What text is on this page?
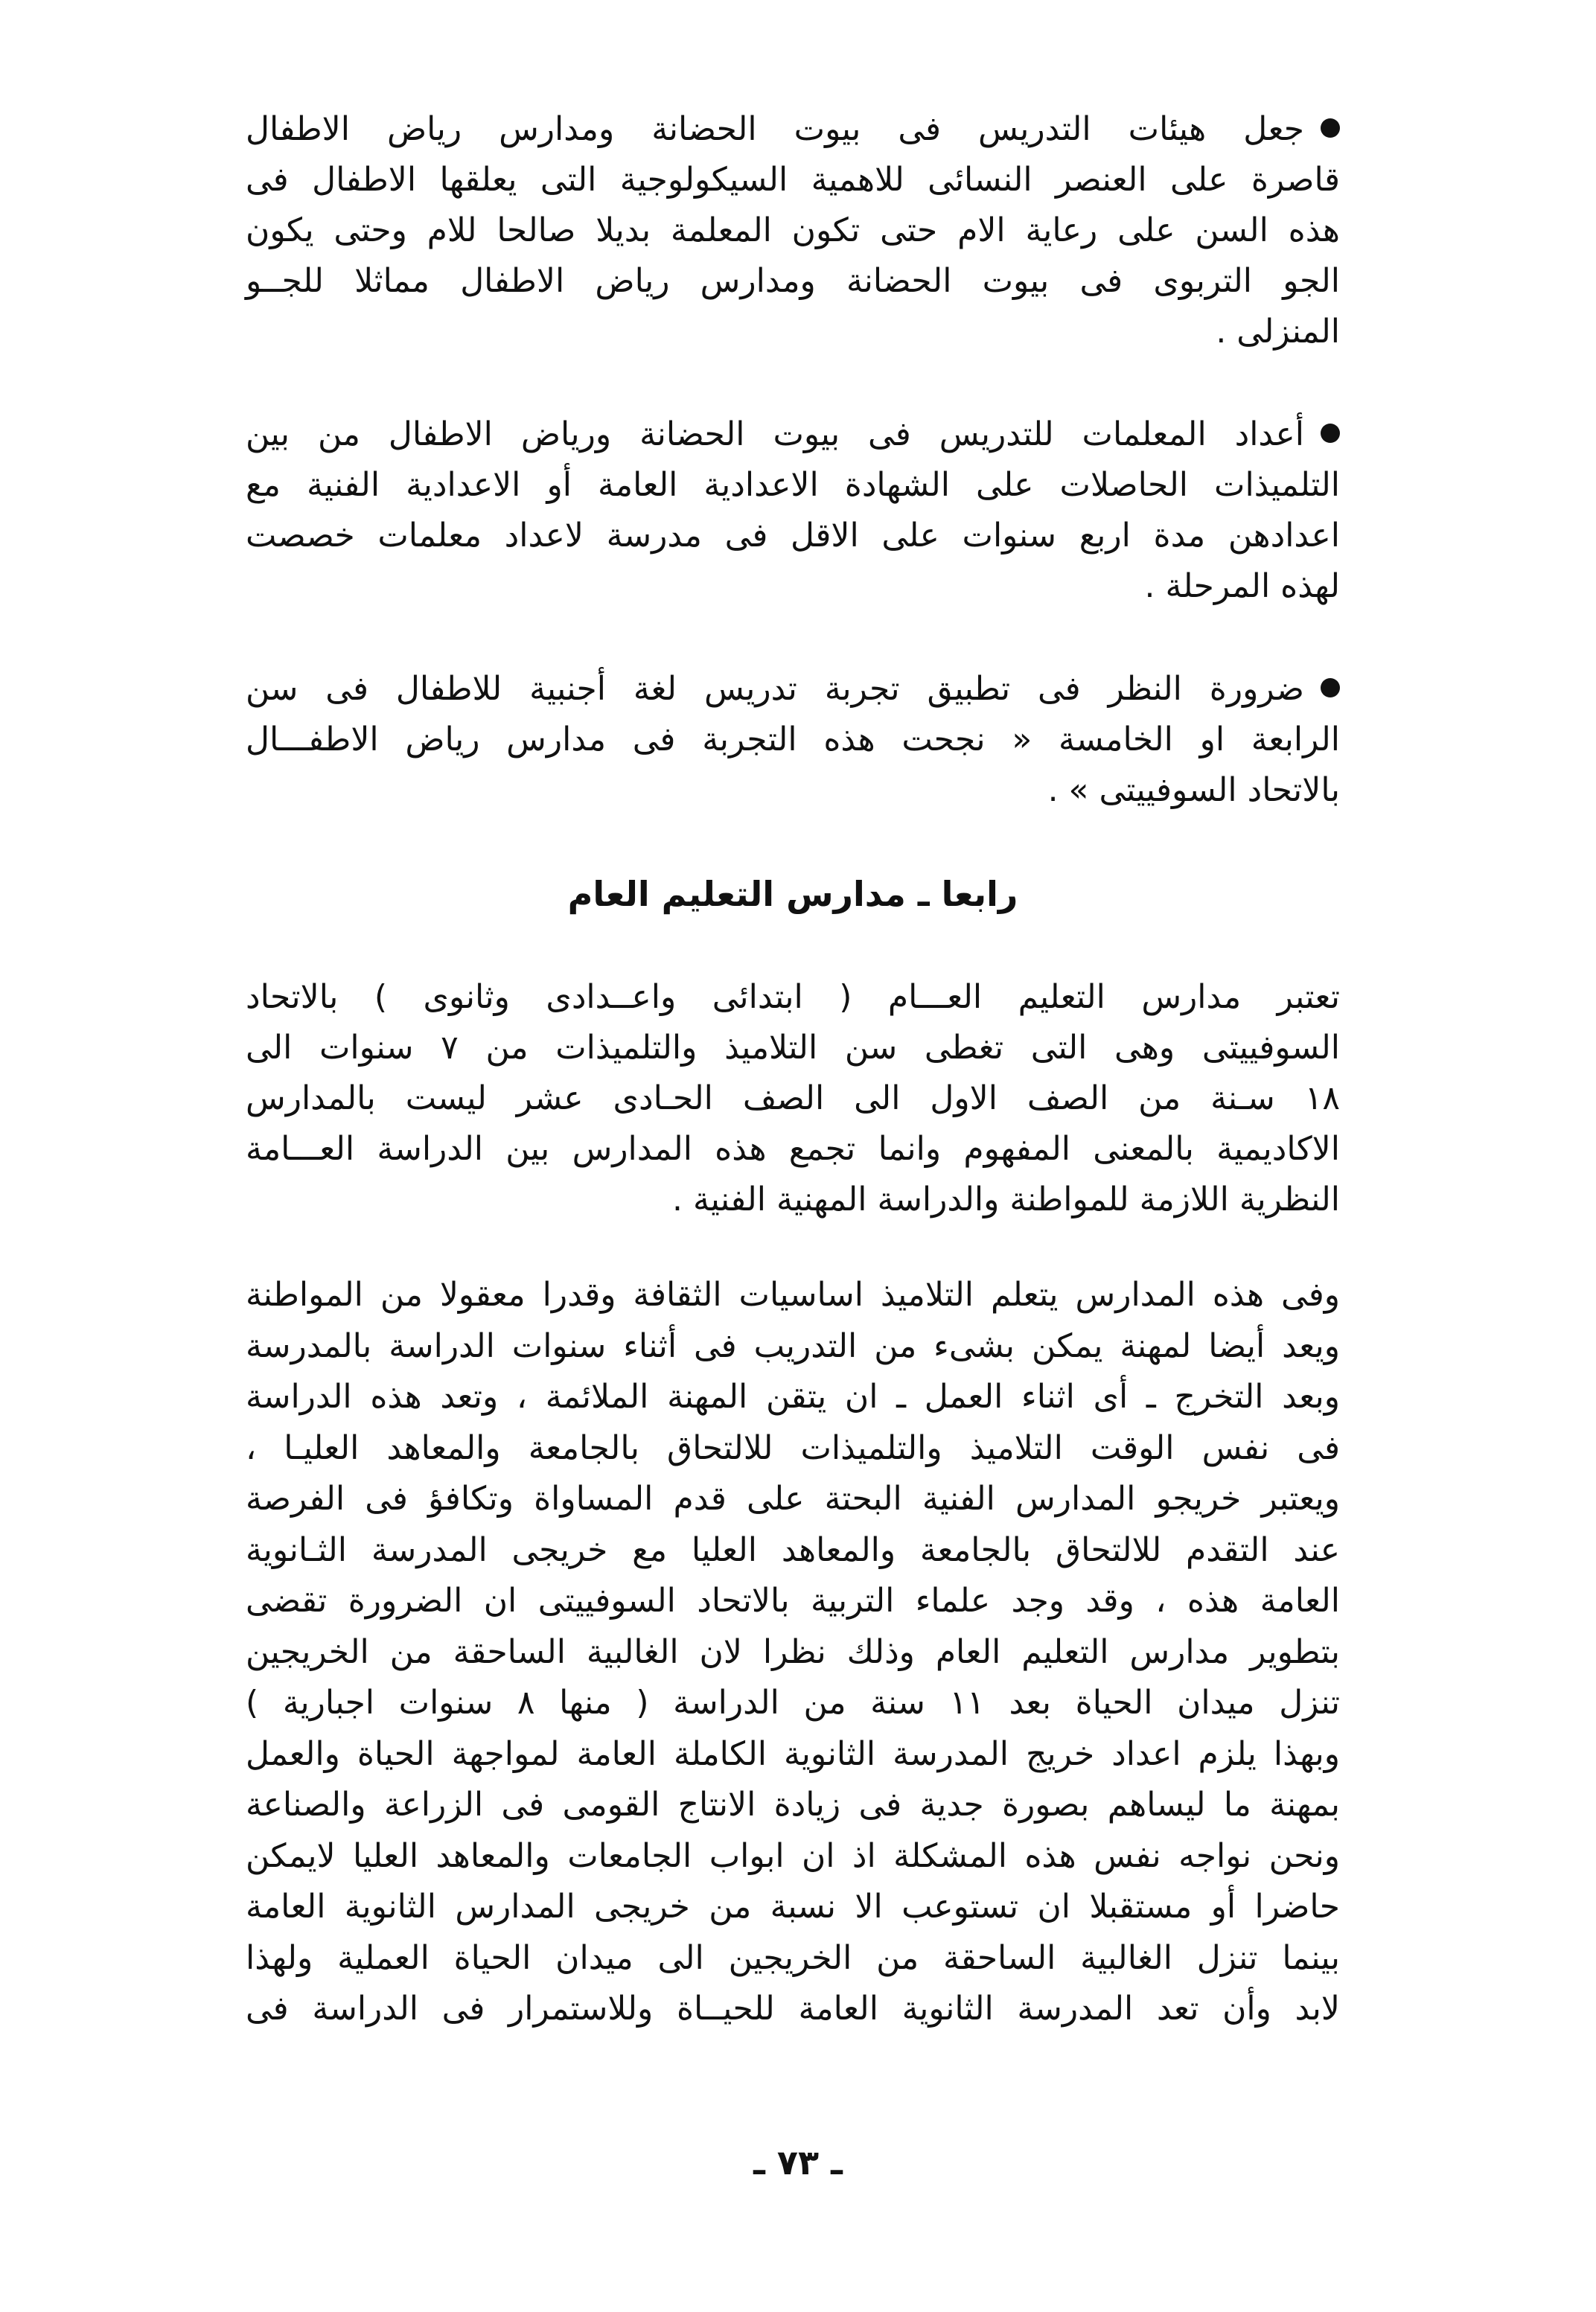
جعل هيئات التدريس فى بيوت الحضانة ومدارس رياض الاطفال
قاصرة على العنصر النسائى للاهمية السيكولوجية التى يعلقها الاطفال فى
هذه السن على رعاية الام حتى تكون المعلمة بديلا صالحا للام وحتى يكون
الجو التربوى فى بيوت الحضانة ومدارس رياض الاطفال مماثلا للجــو
المنزلى .
أعداد المعلمات للتدريس فى بيوت الحضانة ورياض الاطفال من بين
التلميذات الحاصلات على الشهادة الاعدادية العامة أو الاعدادية الفنية مع
اعدادهن مدة اربع سنوات على الاقل فى مدرسة لاعداد معلمات خصصت
لهذه المرحلة .
ضرورة النظر فى تطبيق تجربة تدريس لغة أجنبية للاطفال فى سن
الرابعة او الخامسة « نجحت هذه التجربة فى مدارس رياض الاطفـــال
بالاتحاد السوفييتى » .
رابعا ـ مدارس التعليم العام
تعتبر مدارس التعليم العـــام ( ابتدائى واعــدادى وثانوى ) بالاتحاد
السوفييتى وهى التى تغطى سن التلاميذ والتلميذات من ٧ سنوات الى
١٨ سـنة من الصف الاول الى الصف الحـادى عشر ليست بالمدارس
الاكاديمية بالمعنى المفهوم وانما تجمع هذه المدارس بين الدراسة العـــامة
النظرية اللازمة للمواطنة والدراسة المهنية الفنية .
وفى هذه المدارس يتعلم التلاميذ اساسيات الثقافة وقدرا معقولا من المواطنة
ويعد أيضا لمهنة يمكن بشىء من التدريب فى أثناء سنوات الدراسة بالمدرسة
وبعد التخرج ـ أى اثناء العمل ـ ان يتقن المهنة الملائمة ، وتعد هذه الدراسة
فى نفس الوقت التلاميذ والتلميذات للالتحاق بالجامعة والمعاهد العليـا ،
ويعتبر خريجو المدارس الفنية البحتة على قدم المساواة وتكافؤ فى الفرصة
عند التقدم للالتحاق بالجامعة والمعاهد العليا مع خريجى المدرسة الثـانوية
العامة هذه ، وقد وجد علماء التربية بالاتحاد السوفييتى ان الضرورة تقضى
بتطوير مدارس التعليم العام وذلك نظرا لان الغالبية الساحقة من الخريجين
تنزل ميدان الحياة بعد ١١ سنة من الدراسة ( منها ٨ سنوات اجبارية )
وبهذا يلزم اعداد خريج المدرسة الثانوية الكاملة العامة لمواجهة الحياة والعمل
بمهنة ما ليساهم بصورة جدية فى زيادة الانتاج القومى فى الزراعة والصناعة
ونحن نواجه نفس هذه المشكلة اذ ان ابواب الجامعات والمعاهد العليا لايمكن
حاضرا أو مستقبلا ان تستوعب الا نسبة من خريجى المدارس الثانوية العامة
بينما تنزل الغالبية الساحقة من الخريجين الى ميدان الحياة العملية ولهذا
لابد وأن تعد المدرسة الثانوية العامة للحيــاة وللاستمرار فى الدراسة فى
ـ ٧٣ ـ
